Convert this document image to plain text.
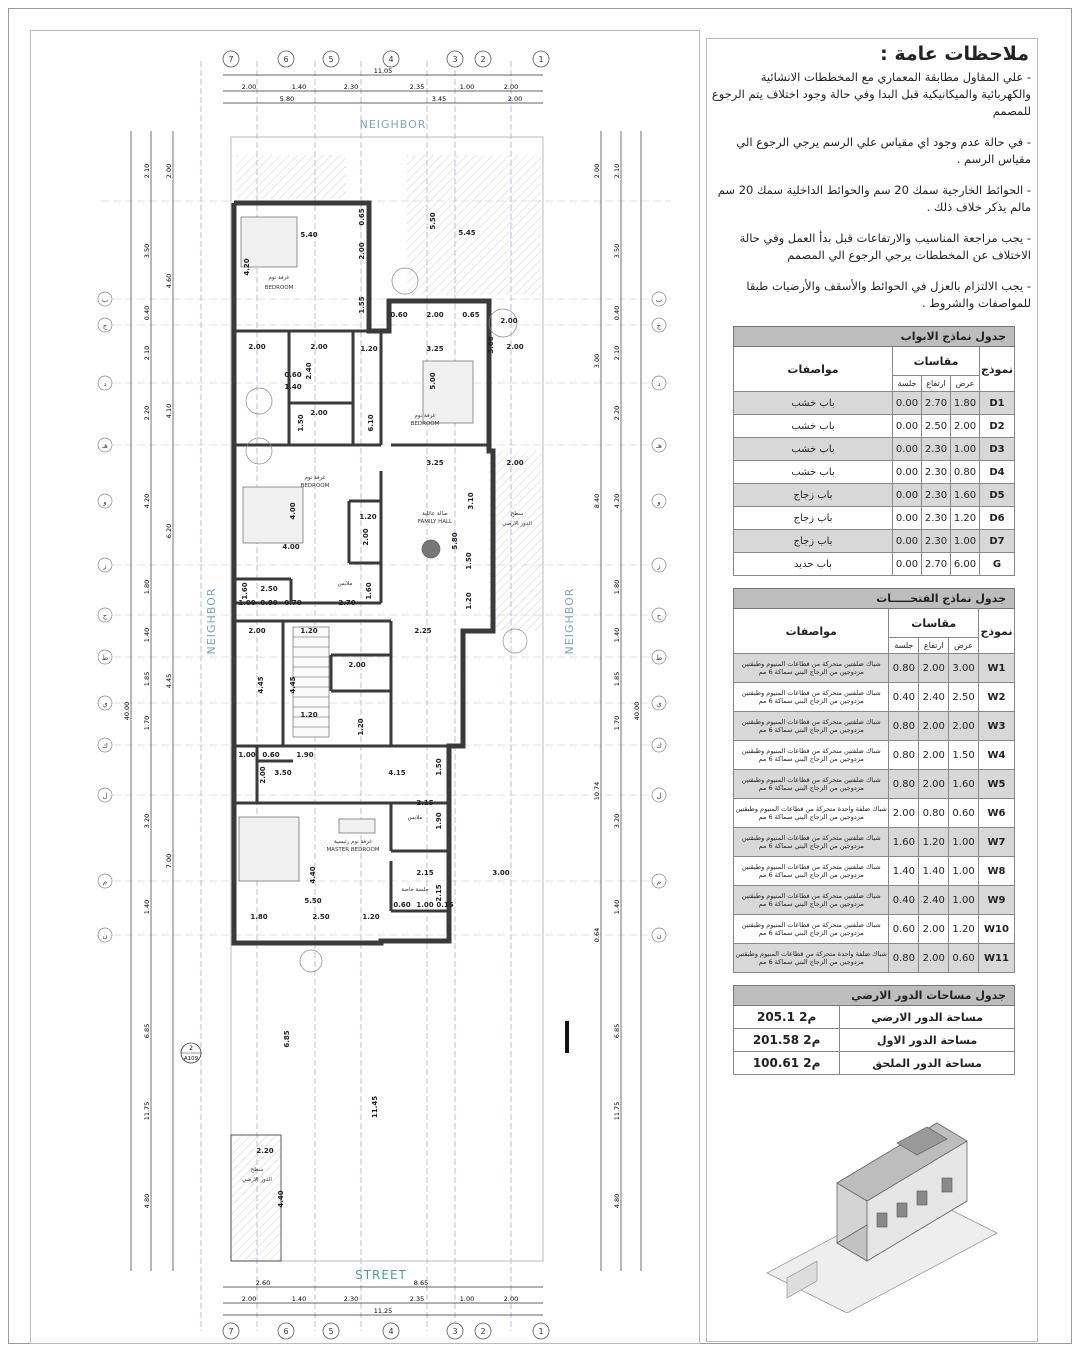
7	6	5	4	3	2	1
7	6	5	4	3	2	1
ب
ج
د
هـ
و
ز
ح
ط
ي
ك
ل
م
ن
ب
ج
د
هـ
و
ز
ح
ط
ي
ك
ل
م
ن
2.00	1.40	2.30	2.35	1.00	2.00
5.80	3.45	2.00
11.05
2.00	1.40	2.30	2.35	1.00	2.00
11.25
2.60	8.65
2.10
3.50
0.40
2.10
2.20
4.20
1.80
1.40
1.85
1.70
3.20
1.40
6.85
11.75
4.80
2.00
4.60
4.10
6.20
4.45
7.00
40.00
2.10
3.50
0.40
2.10
2.20
4.20
1.80
1.40
1.85
1.70
3.20
1.40
6.85
11.75
4.80
2.00
3.00
8.40
10.74
40.00
0.64
NEIGHBOR
NEIGHBOR	NEIGHBOR
STREET
غرفة نوم
BEDROOM
غرفة نوم
BEDROOM
غرفة نوم
BEDROOM
صالة عائلية
FAMILY HALL
غرفة نوم رئيسية
MASTER BEDROOM
ملابس
ملابس
جلسة خاصة
سطح
الدور الارضي
سطح
الدور الارضي
5.40
4.20
2.00
0.65
1.55
5.50
5.45
2.00
0.60	2.00	0.65
3.25
5.00
3.00 2.00
2.00	2.00
2.40
1.20
2.00
1.50
0.60
1.40
6.10
3.25	2.00
4.00
4.00
1.20
2.00
3.10
5.80
1.50
1.20
1.60
2.50
1.60
2.70
1.00 0.80 0.70
2.00	1.20	2.25
2.00
4.45	4.45
1.20
1.20
1.00 0.60 1.90
2.00 3.50	4.15	1.50
2.15
1.90
4.40	2.15	3.00
5.50	2.15
0.60 1.00 0.15
1.80	2.50	1.20
6.85
11.45
2.20
4.40
2
A109
ملاحظات عامة :

- علي المقاول مطابقة المعماري مع المخططات الانشائية والكهربائية والميكانيكية قبل البدا وفي حالة وجود اختلاف يتم الرجوع للمصمم

- في حالة عدم وجود اي مقياس علي الرسم يرجي الرجوع الي مقياس الرسم .

- الحوائط الخارجية سمك 20 سم والحوائط الداخلية سمك 20 سم مالم يذكر خلاف ذلك .

- يجب مراجعة المناسيب والارتفاعات قبل بدأ العمل وفي حالة الاختلاف عن المخططات يرجي الرجوع الي المصمم

- يجب الالتزام بالعزل في الحوائط والأسقف والأرضيات طبقا للمواصفات والشروط .

جدول نماذج الابواب				
نموذج	مقاسات			مواصفات
	عرض	ارتفاع	جلسة	
D1	1.80	2.70	0.00	باب خشب
D2	2.00	2.50	0.00	باب خشب
D3	1.00	2.30	0.00	باب خشب
D4	0.80	2.30	0.00	باب خشب
D5	1.60	2.30	0.00	باب زجاج
D6	1.20	2.30	0.00	باب زجاج
D7	1.00	2.30	0.00	باب زجاج
G	6.00	2.70	0.00	باب حديد
جدول نماذج الفتحـــــات				
نموذج	مقاسات			مواصفات
	عرض	ارتفاع	جلسة	
W1	3.00	2.00	0.80	شباك ضلفتين متحركة من قطاعات المنيوم وطبقتين مزدوجين من الزجاج البني سماكة 6 مم
W2	2.50	2.40	0.40	شباك ضلفتين متحركة من قطاعات المنيوم وطبقتين مزدوجين من الزجاج البني سماكة 6 مم
W3	2.00	2.00	0.80	شباك ضلفتين متحركة من قطاعات المنيوم وطبقتين مزدوجين من الزجاج البني سماكة 6 مم
W4	1.50	2.00	0.80	شباك ضلفتين متحركة من قطاعات المنيوم وطبقتين مزدوجين من الزجاج البني سماكة 6 مم
W5	1.60	2.00	0.80	شباك ضلفتين متحركة من قطاعات المنيوم وطبقتين مزدوجين من الزجاج البني سماكة 6 مم
W6	0.60	0.80	2.00	شباك ضلفة واحدة متحركة من قطاعات المنيوم وطبقتين مزدوجين من الزجاج البني سماكة 6 مم
W7	1.00	1.20	1.60	شباك ضلفتين متحركة من قطاعات المنيوم وطبقتين مزدوجين من الزجاج البني سماكة 6 مم
W8	1.00	1.40	1.40	شباك ضلفتين متحركة من قطاعات المنيوم وطبقتين مزدوجين من الزجاج البني سماكة 6 مم
W9	1.00	2.40	0.40	شباك ضلفتين متحركة من قطاعات المنيوم وطبقتين مزدوجين من الزجاج البني سماكة 6 مم
W10	1.20	2.00	0.60	شباك ضلفتين متحركة من قطاعات المنيوم وطبقتين مزدوجين من الزجاج البني سماكة 6 مم
W11	0.60	2.00	0.80	شباك ضلفة واحدة متحركة من قطاعات المنيوم وطبقتين مزدوجين من الزجاج البني سماكة 6 مم
جدول مساحات الدور الارضي	
مساحة الدور الارضي	205.1 م2
مساحة الدور الاول	201.58 م2
مساحة الدور الملحق	100.61 م2
